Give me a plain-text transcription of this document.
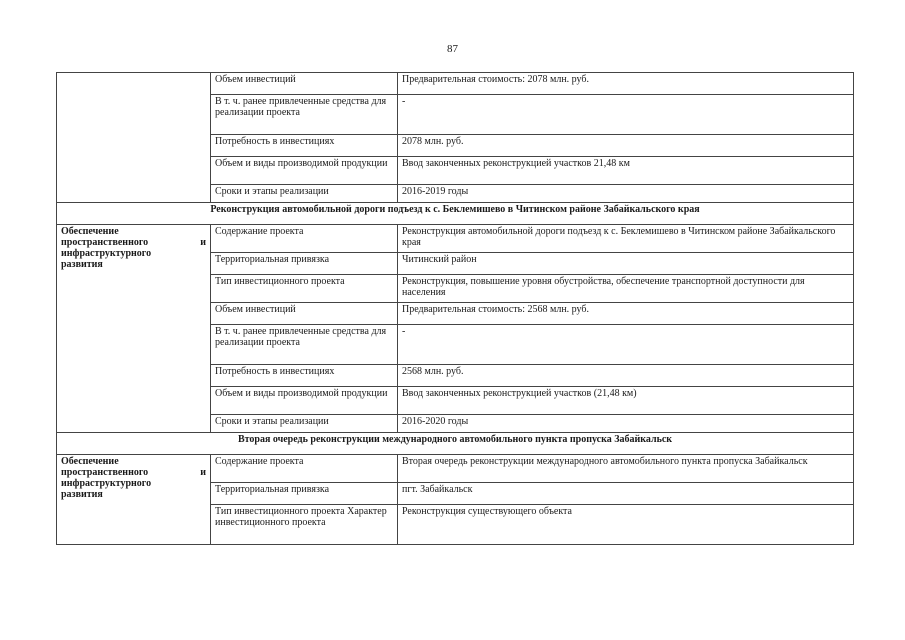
87
	Объем инвестиций	Предварительная стоимость: 2078 млн. руб.
	В т. ч. ранее привлеченные средства для реализации проекта	-
	Потребность в инвестициях	2078 млн. руб.
	Объем и виды производимой продукции	Ввод законченных реконструкцией участков 21,48 км
	Сроки и этапы реализации	2016-2019 годы
Реконструкция автомобильной дороги подъезд к с. Беклемишево в Читинском районе Забайкальского края		

Обеспечение
пространственного и
инфраструктурного
развития	Содержание проекта	Реконструкция автомобильной дороги подъезд к с. Беклемишево в Читинском районе Забайкальского края
	Территориальная привязка	Читинский район
	Тип инвестиционного проекта	Реконструкция, повышение уровня обустройства, обеспечение транспортной доступности для населения
	Объем инвестиций	Предварительная стоимость: 2568 млн. руб.
	В т. ч. ранее привлеченные средства для реализации проекта	-
	Потребность в инвестициях	2568 млн. руб.
	Объем и виды производимой продукции	Ввод законченных реконструкцией участков (21,48 км)
	Сроки и этапы реализации	2016-2020 годы
Вторая очередь реконструкции международного автомобильного пункта пропуска Забайкальск		

Обеспечение
пространственного и
инфраструктурного
развития	Содержание проекта	Вторая очередь реконструкции международного автомобильного пункта пропуска Забайкальск
	Территориальная привязка	пгт. Забайкальск
	Тип инвестиционного проекта Характер инвестиционного проекта	Реконструкция существующего объекта
